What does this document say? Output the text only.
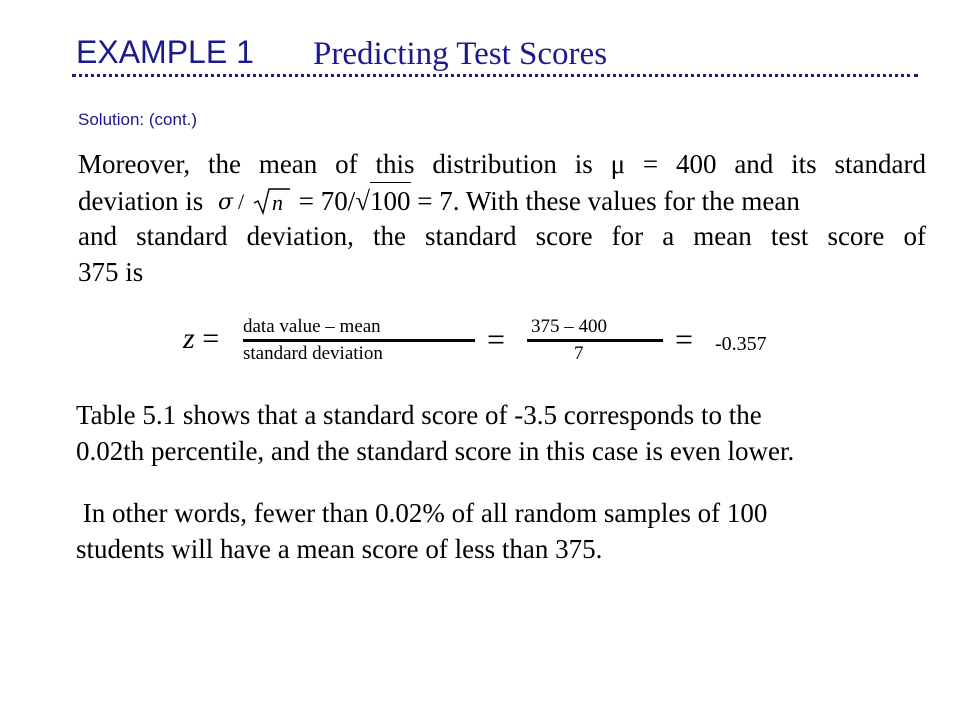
EXAMPLE 1 Predicting Test Scores
Solution: (cont.)
Moreover, the mean of this distribution is μ = 400 and its standard
deviation is σ / n = 70/√100 = 7. With these values for the mean
and standard deviation, the standard score for a mean test score of
375 is
z = data value – mean
standard deviation	= 375 – 400
7	= -0.357
Table 5.1 shows that a standard score of -3.5 corresponds to the
0.02th percentile, and the standard score in this case is even lower.
In other words, fewer than 0.02% of all random samples of 100
students will have a mean score of less than 375.
